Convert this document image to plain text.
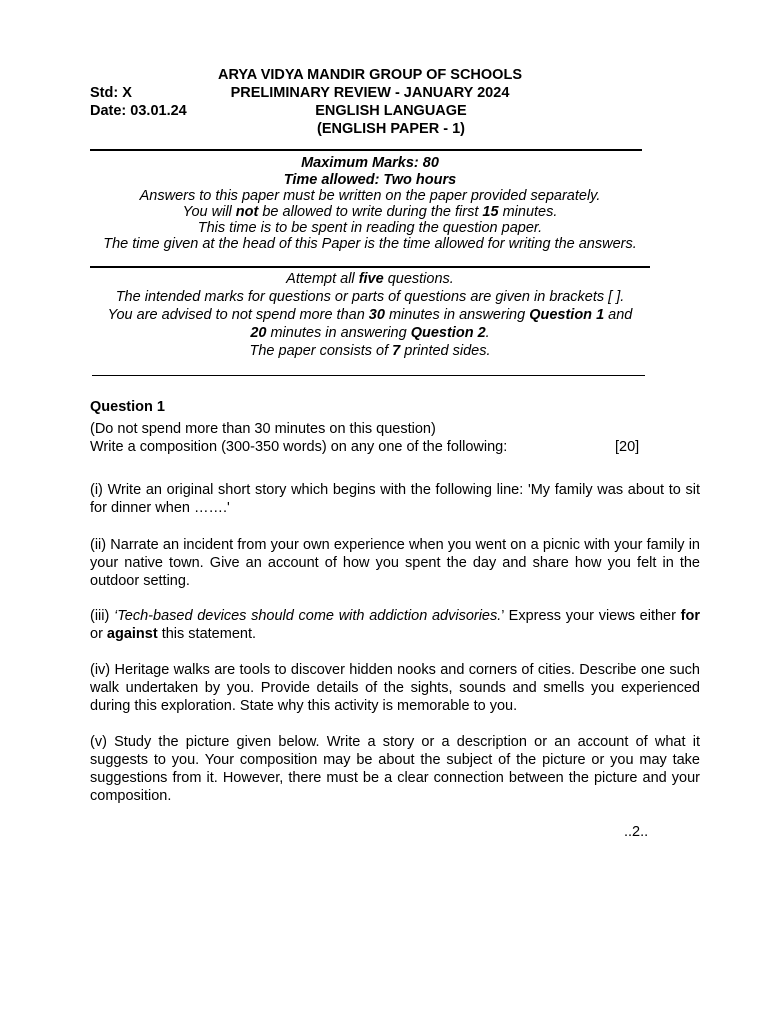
ARYA VIDYA MANDIR GROUP OF SCHOOLS
Std: X	PRELIMINARY REVIEW - JANUARY 2024
Date: 03.01.24	ENGLISH LANGUAGE
(ENGLISH PAPER - 1)
Maximum Marks: 80
Time allowed: Two hours
Answers to this paper must be written on the paper provided separately.
You will not be allowed to write during the first 15 minutes.
This time is to be spent in reading the question paper.
The time given at the head of this Paper is the time allowed for writing the answers.
Attempt all five questions.
The intended marks for questions or parts of questions are given in brackets [ ].
You are advised to not spend more than 30 minutes in answering Question 1 and
20 minutes in answering Question 2.
The paper consists of 7 printed sides.
Question 1
(Do not spend more than 30 minutes on this question)
Write a composition (300-350 words) on any one of the following:	[20]
(i) Write an original short story which begins with the following line: 'My family was about to sit for dinner when …….'
(ii) Narrate an incident from your own experience when you went on a picnic with your family in your native town. Give an account of how you spent the day and share how you felt in the outdoor setting.
(iii) ‘Tech-based devices should come with addiction advisories.’ Express your views either for or against this statement.
(iv) Heritage walks are tools to discover hidden nooks and corners of cities. Describe one such walk undertaken by you. Provide details of the sights, sounds and smells you experienced during this exploration. State why this activity is memorable to you.
(v) Study the picture given below. Write a story or a description or an account of what it suggests to you. Your composition may be about the subject of the picture or you may take suggestions from it. However, there must be a clear connection between the picture and your composition.
..2..
